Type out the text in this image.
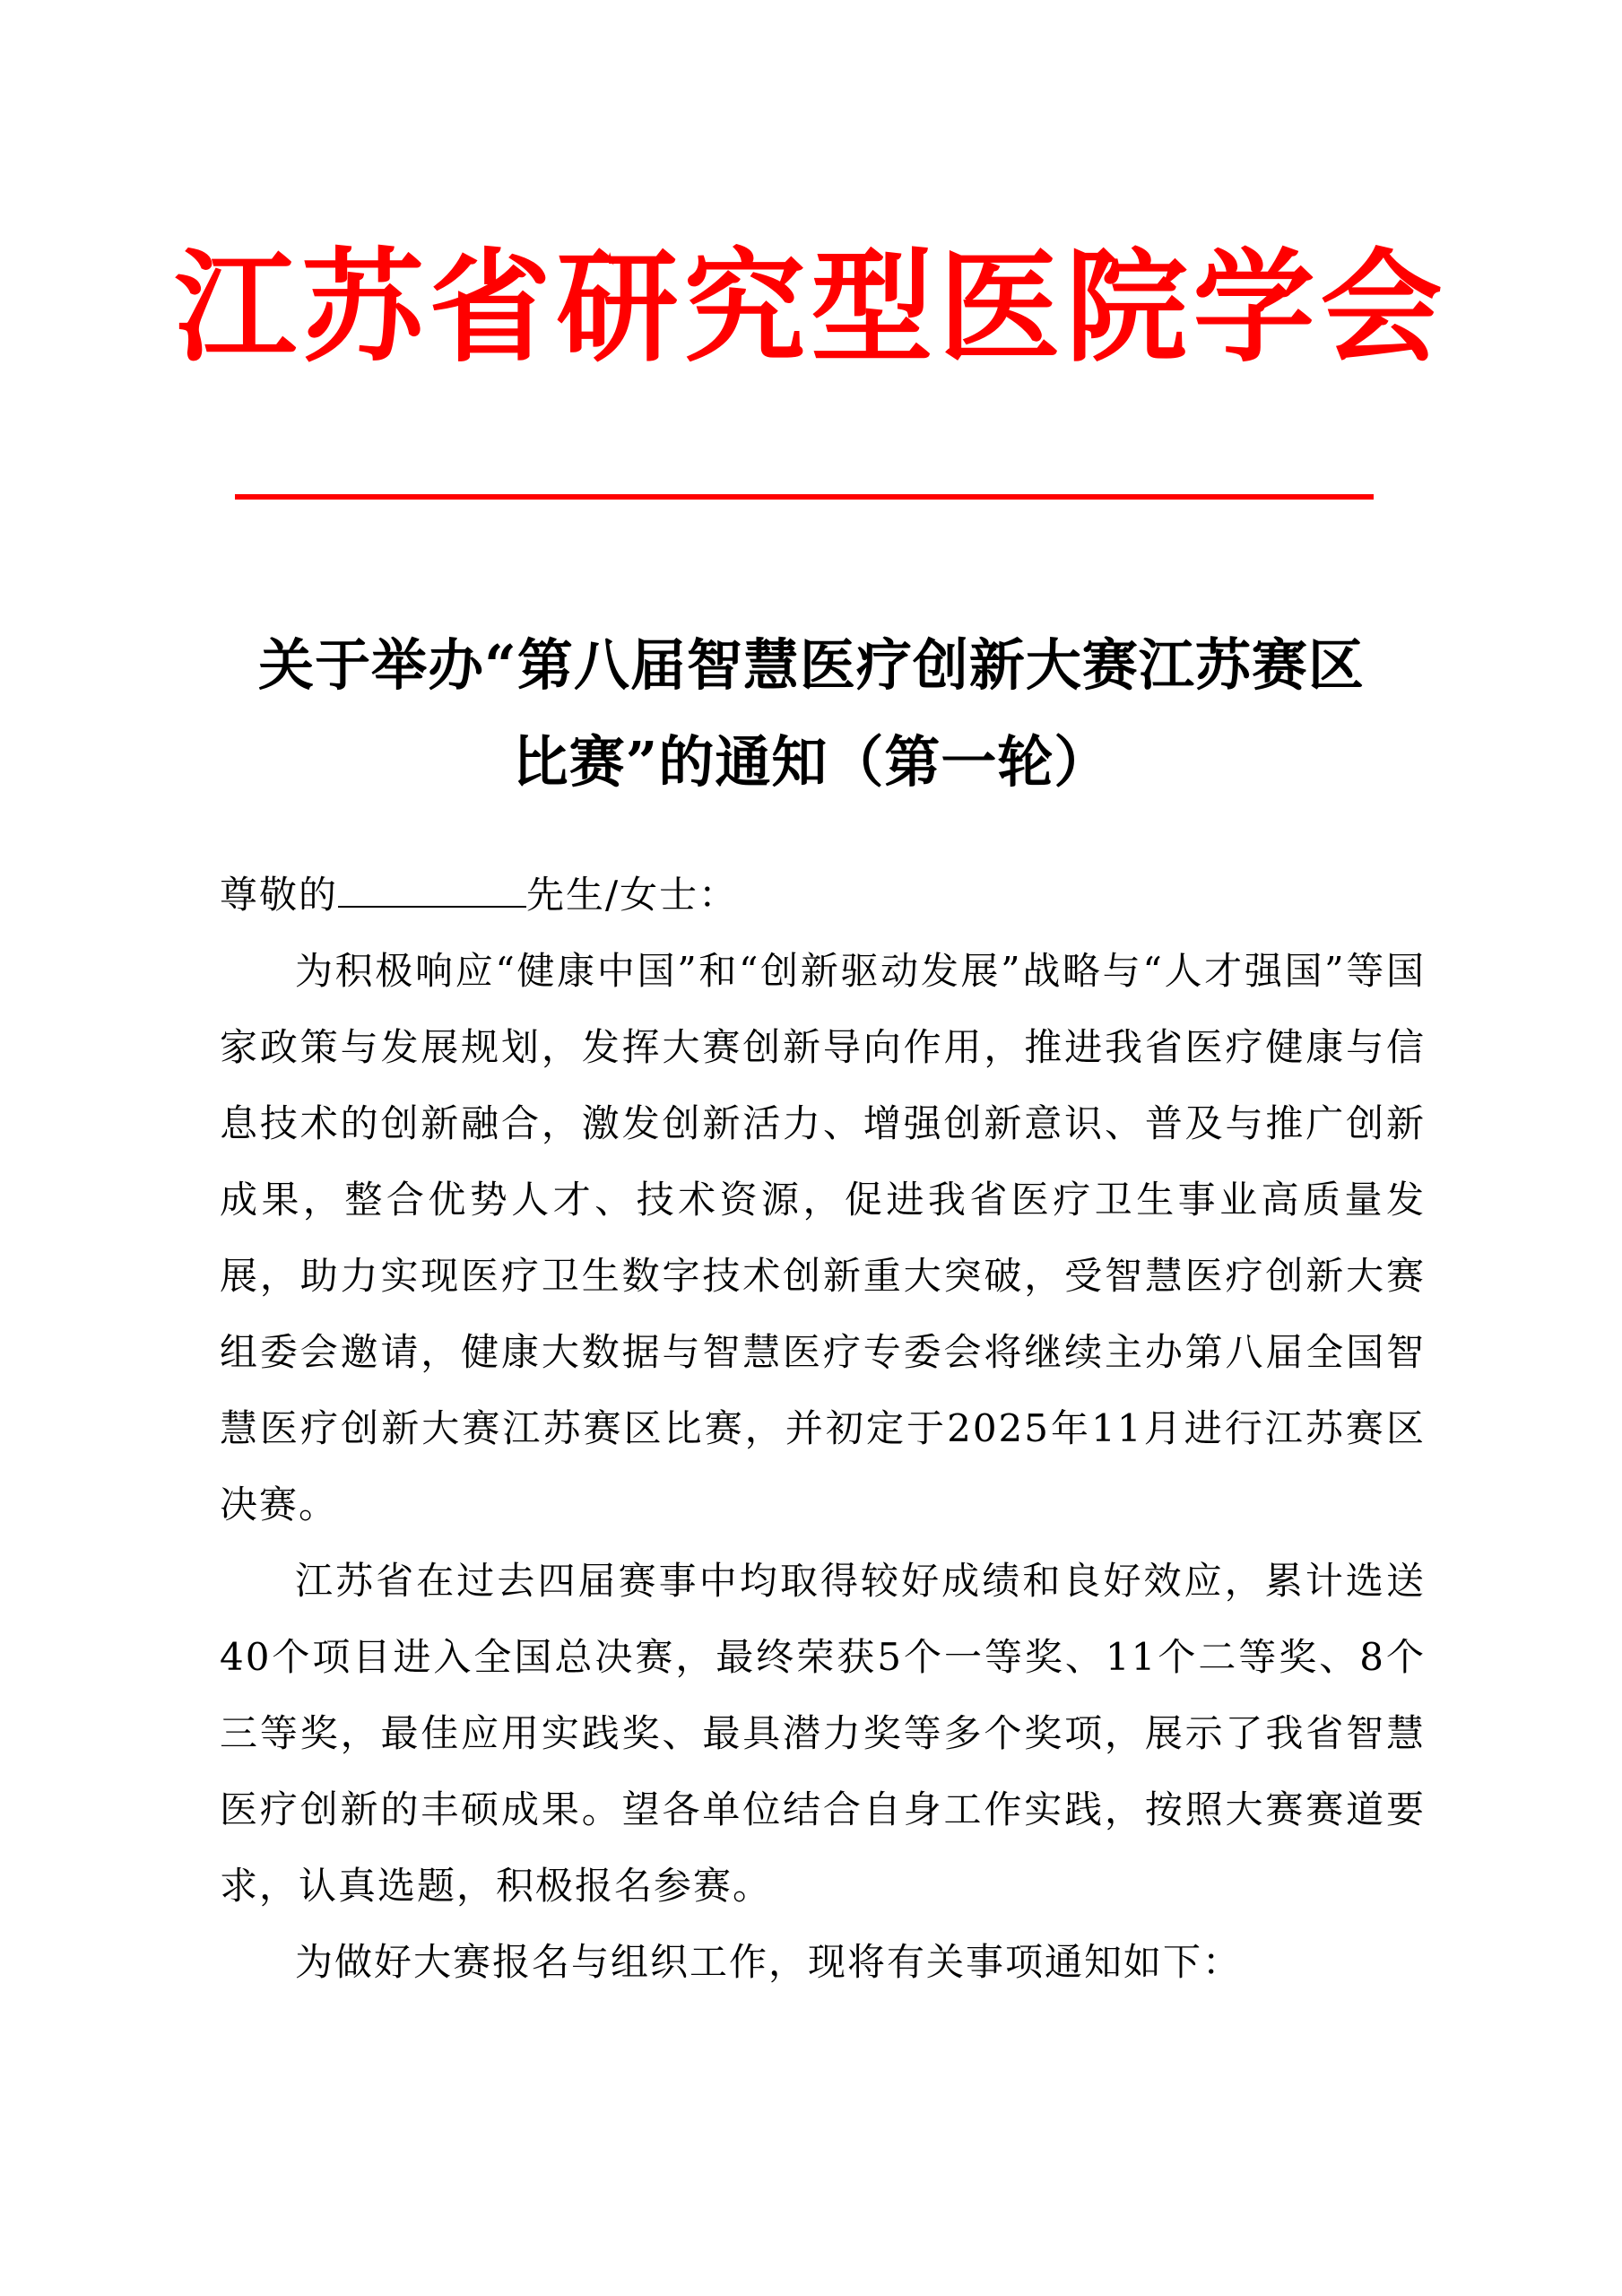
江苏省研究型医院学会
关于举办“第八届智慧医疗创新大赛江苏赛区
比赛”的通知（第一轮）

尊敬的	先生/女士：

为积极响应“健康中国”和“创新驱动发展”战略与“人才强国”等国家政策与发展规划，发挥大赛创新导向作用，推进我省医疗健康与信息技术的创新融合，激发创新活力、增强创新意识、普及与推广创新成果，整合优势人才、技术资源，促进我省医疗卫生事业高质量发展，助力实现医疗卫生数字技术创新重大突破，受智慧医疗创新大赛组委会邀请，健康大数据与智慧医疗专委会将继续主办第八届全国智慧医疗创新大赛江苏赛区比赛，并初定于2025年11月进行江苏赛区决赛。

江苏省在过去四届赛事中均取得较好成绩和良好效应，累计选送40个项目进入全国总决赛，最终荣获5个一等奖、11个二等奖、8个三等奖，最佳应用实践奖、最具潜力奖等多个奖项，展示了我省智慧医疗创新的丰硕成果。望各单位结合自身工作实践，按照大赛赛道要求，认真选题，积极报名参赛。

为做好大赛报名与组织工作，现将有关事项通知如下：
